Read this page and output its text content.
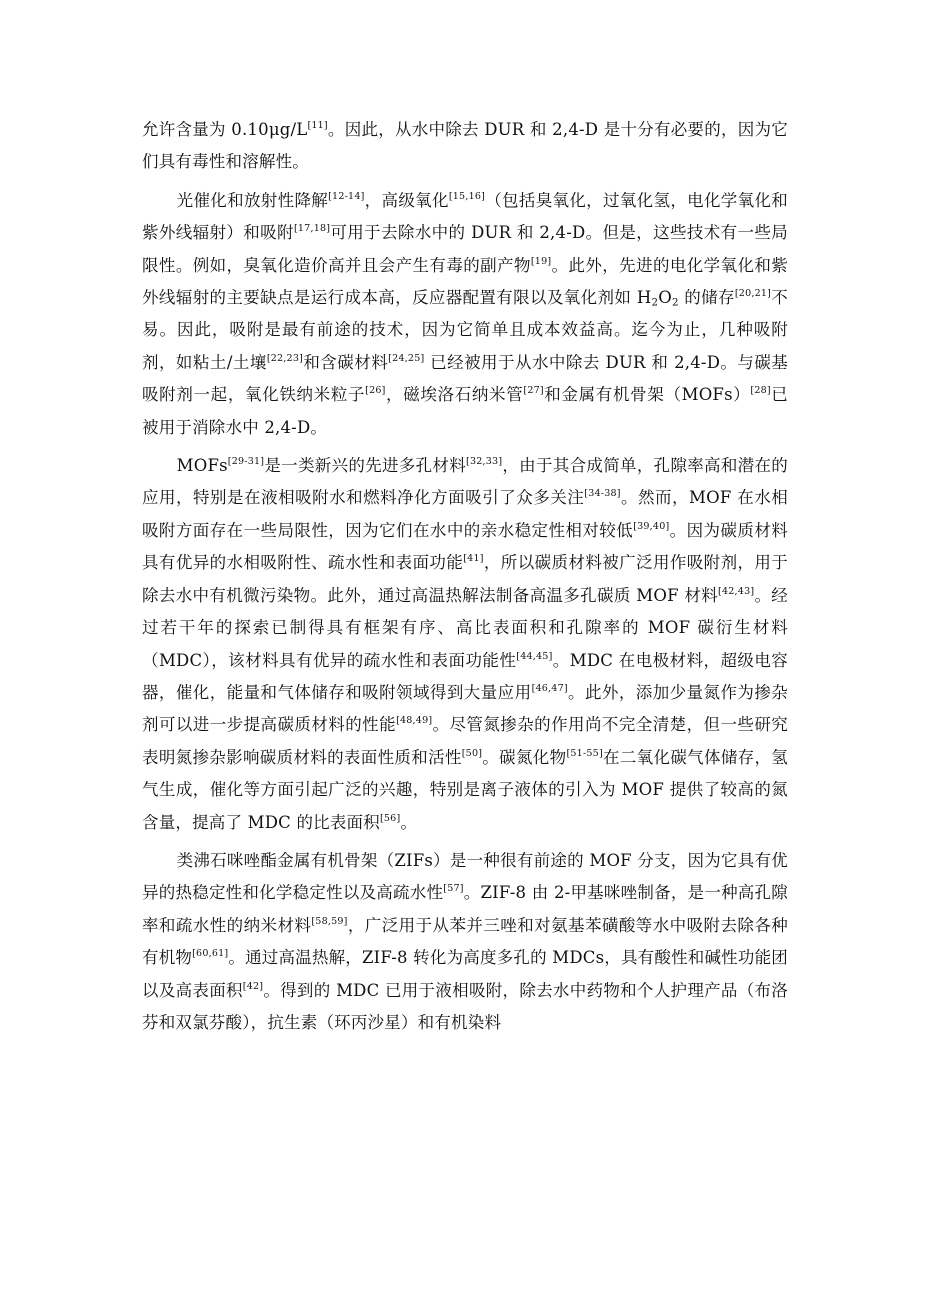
允许含量为 0.10μg/L[11]。因此，从水中除去 DUR 和 2,4-D 是十分有必要的，因为它们具有毒性和溶解性。

光催化和放射性降解[12-14]，高级氧化[15,16]（包括臭氧化，过氧化氢，电化学氧化和紫外线辐射）和吸附[17,18]可用于去除水中的 DUR 和 2,4-D。但是，这些技术有一些局限性。例如，臭氧化造价高并且会产生有毒的副产物[19]。此外，先进的电化学氧化和紫外线辐射的主要缺点是运行成本高，反应器配置有限以及氧化剂如 $H_2O_2$ 的储存[20,21]不易。因此，吸附是最有前途的技术，因为它简单且成本效益高。迄今为止，几种吸附剂，如粘土/土壤[22,23]和含碳材料[24,25] 已经被用于从水中除去 DUR 和 2,4-D。与碳基吸附剂一起，氧化铁纳米粒子[26]，磁埃洛石纳米管[27]和金属有机骨架（MOFs）[28]已被用于消除水中 2,4-D。

MOFs[29-31]是一类新兴的先进多孔材料[32,33]，由于其合成简单，孔隙率高和潜在的应用，特别是在液相吸附水和燃料净化方面吸引了众多关注[34-38]。然而，MOF 在水相吸附方面存在一些局限性，因为它们在水中的亲水稳定性相对较低[39,40]。因为碳质材料具有优异的水相吸附性、疏水性和表面功能[41]，所以碳质材料被广泛用作吸附剂，用于除去水中有机微污染物。此外，通过高温热解法制备高温多孔碳质 MOF 材料[42,43]。经过若干年的探索已制得具有框架有序、高比表面积和孔隙率的 MOF 碳衍生材料（MDC），该材料具有优异的疏水性和表面功能性[44,45]。MDC 在电极材料，超级电容器，催化，能量和气体储存和吸附领域得到大量应用[46,47]。此外，添加少量氮作为掺杂剂可以进一步提高碳质材料的性能[48,49]。尽管氮掺杂的作用尚不完全清楚，但一些研究表明氮掺杂影响碳质材料的表面性质和活性[50]。碳氮化物[51-55]在二氧化碳气体储存，氢气生成，催化等方面引起广泛的兴趣，特别是离子液体的引入为 MOF 提供了较高的氮含量，提高了 MDC 的比表面积[56]。

类沸石咪唑酯金属有机骨架（ZIFs）是一种很有前途的 MOF 分支，因为它具有优异的热稳定性和化学稳定性以及高疏水性[57]。ZIF-8 由 2-甲基咪唑制备，是一种高孔隙率和疏水性的纳米材料[58,59]，广泛用于从苯并三唑和对氨基苯磺酸等水中吸附去除各种有机物[60,61]。通过高温热解，ZIF-8 转化为高度多孔的 MDCs，具有酸性和碱性功能团以及高表面积[42]。得到的 MDC 已用于液相吸附，除去水中药物和个人护理产品（布洛芬和双氯芬酸），抗生素（环丙沙星）和有机染料
